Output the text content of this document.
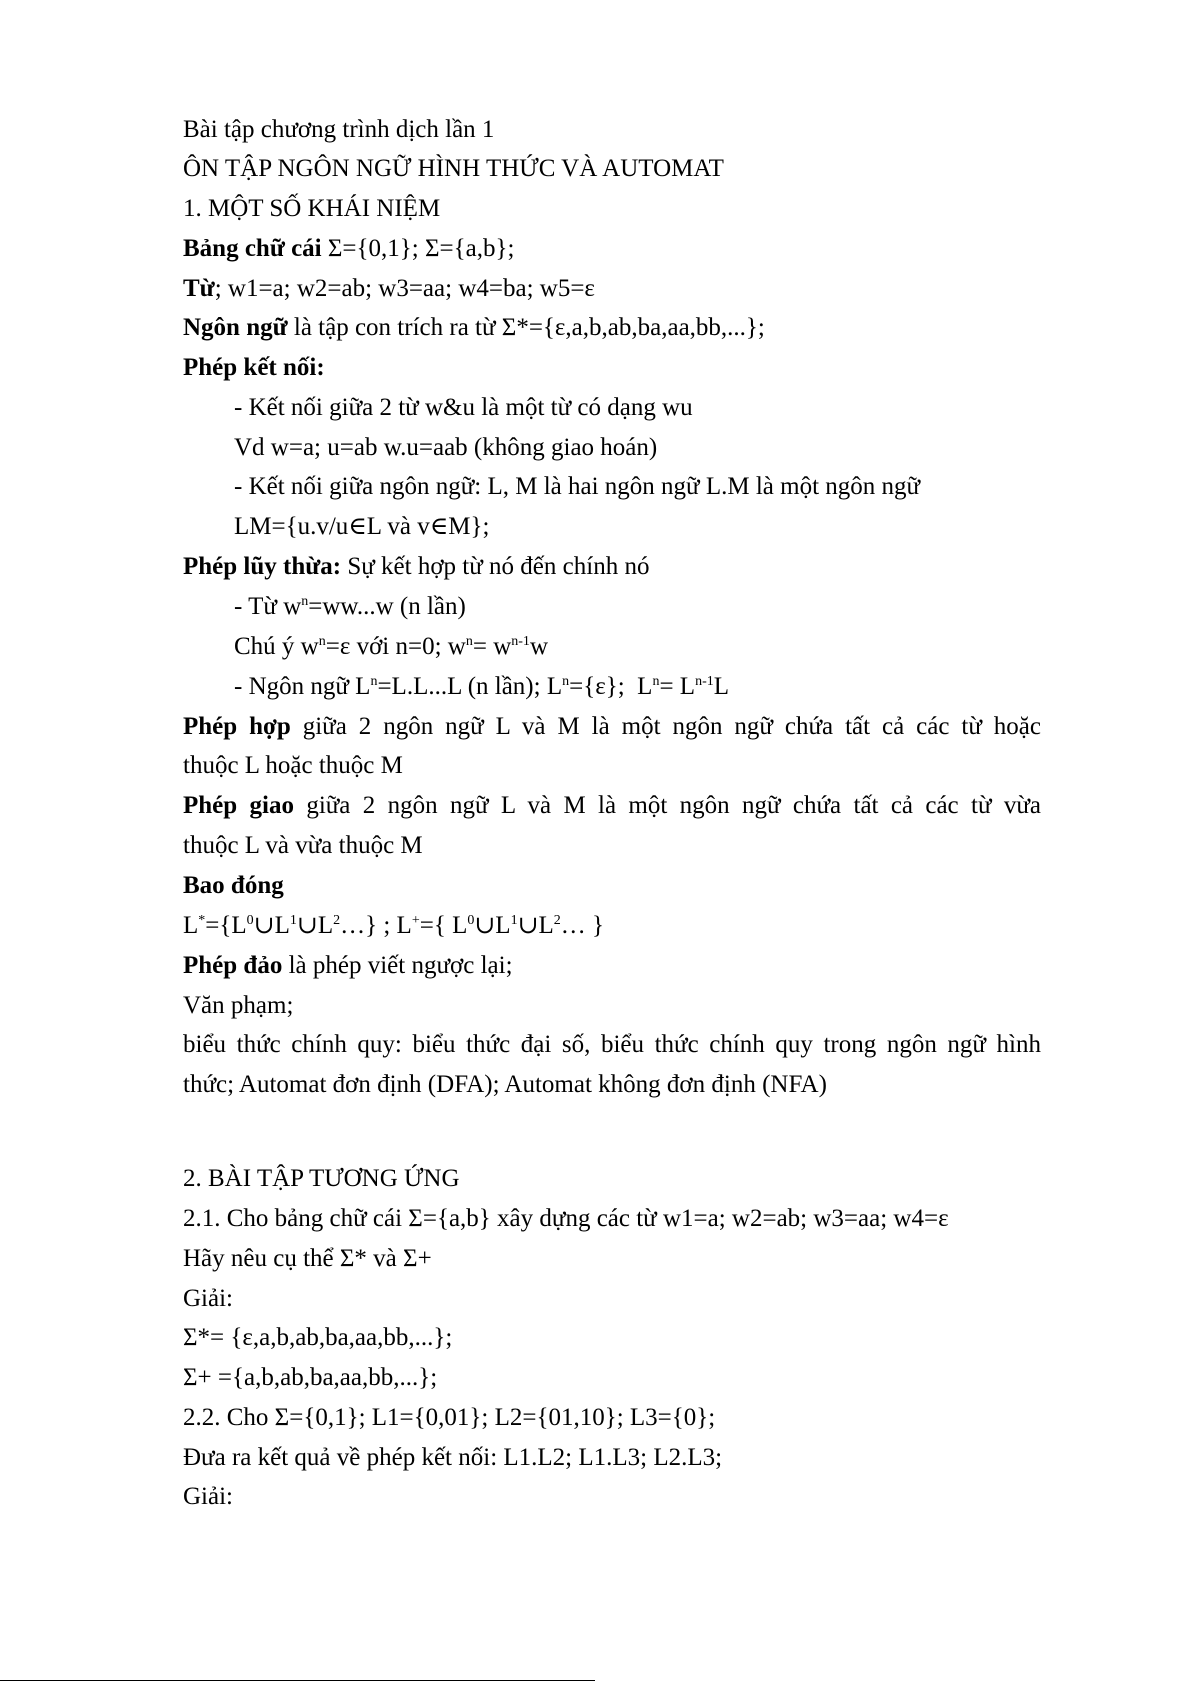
Bài tập chương trình dịch lần 1
ÔN TẬP NGÔN NGỮ HÌNH THỨC VÀ AUTOMAT
1. MỘT SỐ KHÁI NIỆM
Bảng chữ cái Σ={0,1}; Σ={a,b};
Từ; w1=a; w2=ab; w3=aa; w4=ba; w5=ε
Ngôn ngữ là tập con trích ra từ Σ*={ε,a,b,ab,ba,aa,bb,...};
Phép kết nối:
- Kết nối giữa 2 từ w&u là một từ có dạng wu
Vd w=a; u=ab w.u=aab (không giao hoán)
- Kết nối giữa ngôn ngữ: L, M là hai ngôn ngữ L.M là một ngôn ngữ
LM={u.v/u∈L và v∈M};
Phép lũy thừa: Sự kết hợp từ nó đến chính nó
- Từ $w^n=ww...w$ (n lần)
Chú ý $w^n=\varepsilon$ với n=0; $w^n= w^{n-1}w$
- Ngôn ngữ $L^n=L.L...L$ (n lần); $L^n=\{\varepsilon\}$;  $L^n= L^{n-1}L$
Phép hợp giữa 2 ngôn ngữ L và M là một ngôn ngữ chứa tất cả các từ hoặc
thuộc L hoặc thuộc M
Phép giao giữa 2 ngôn ngữ L và M là một ngôn ngữ chứa tất cả các từ vừa
thuộc L và vừa thuộc M
Bao đóng
$L^*=\{L^0\cup L^1\cup L^2\dots\}$ ; L+={ $L^0\cup L^1\cup L^2\dots$ }
Phép đảo là phép viết ngược lại;
Văn phạm;
biểu thức chính quy: biểu thức đại số, biểu thức chính quy trong ngôn ngữ hình
thức; Automat đơn định (DFA); Automat không đơn định (NFA)
2. BÀI TẬP TƯƠNG ỨNG
2.1. Cho bảng chữ cái Σ={a,b} xây dựng các từ w1=a; w2=ab; w3=aa; w4=ε
Hãy nêu cụ thể Σ* và Σ+
Giải:
Σ*= {ε,a,b,ab,ba,aa,bb,...};
Σ+ ={a,b,ab,ba,aa,bb,...};
2.2. Cho Σ={0,1}; L1={0,01}; L2={01,10}; L3={0};
Đưa ra kết quả về phép kết nối: L1.L2; L1.L3; L2.L3;
Giải:
